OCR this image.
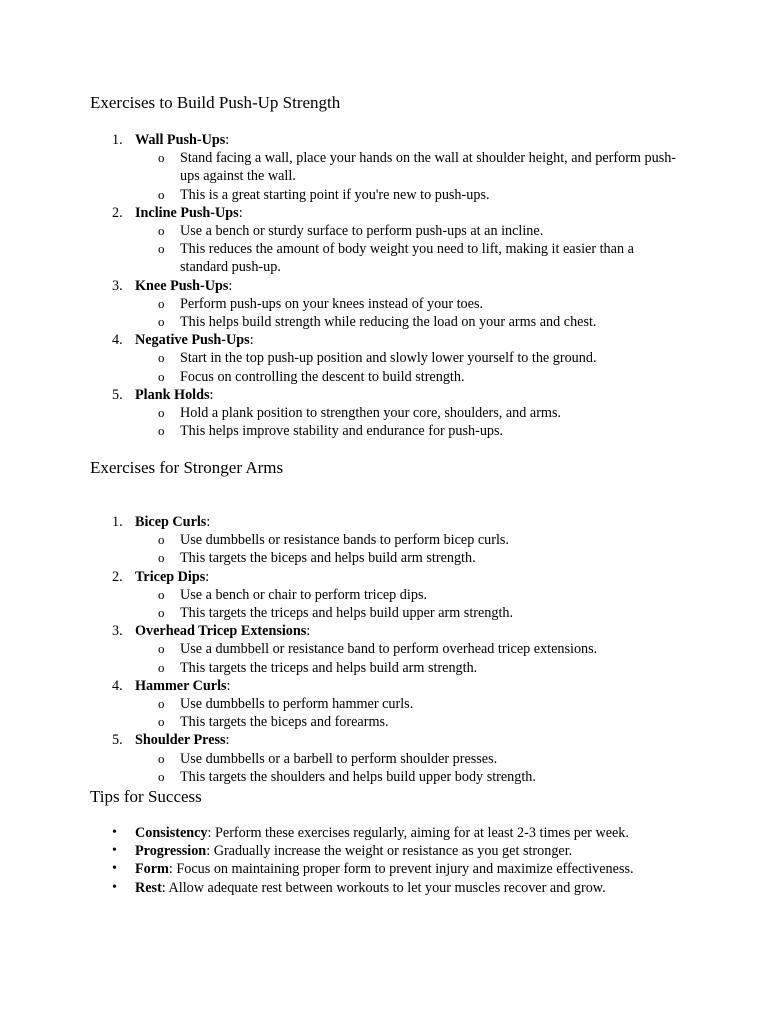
Exercises to Build Push-Up Strength
1. Wall Push-Ups:
o Stand facing a wall, place your hands on the wall at shoulder height, and perform push-ups against the wall.
o This is a great starting point if you're new to push-ups.
2. Incline Push-Ups:
o Use a bench or sturdy surface to perform push-ups at an incline.
o This reduces the amount of body weight you need to lift, making it easier than a standard push-up.
3. Knee Push-Ups:
o Perform push-ups on your knees instead of your toes.
o This helps build strength while reducing the load on your arms and chest.
4. Negative Push-Ups:
o Start in the top push-up position and slowly lower yourself to the ground.
o Focus on controlling the descent to build strength.
5. Plank Holds:
o Hold a plank position to strengthen your core, shoulders, and arms.
o This helps improve stability and endurance for push-ups.
Exercises for Stronger Arms
1. Bicep Curls:
o Use dumbbells or resistance bands to perform bicep curls.
o This targets the biceps and helps build arm strength.
2. Tricep Dips:
o Use a bench or chair to perform tricep dips.
o This targets the triceps and helps build upper arm strength.
3. Overhead Tricep Extensions:
o Use a dumbbell or resistance band to perform overhead tricep extensions.
o This targets the triceps and helps build arm strength.
4. Hammer Curls:
o Use dumbbells to perform hammer curls.
o This targets the biceps and forearms.
5. Shoulder Press:
o Use dumbbells or a barbell to perform shoulder presses.
o This targets the shoulders and helps build upper body strength.
Tips for Success
• Consistency: Perform these exercises regularly, aiming for at least 2-3 times per week.
• Progression: Gradually increase the weight or resistance as you get stronger.
• Form: Focus on maintaining proper form to prevent injury and maximize effectiveness.
• Rest: Allow adequate rest between workouts to let your muscles recover and grow.
